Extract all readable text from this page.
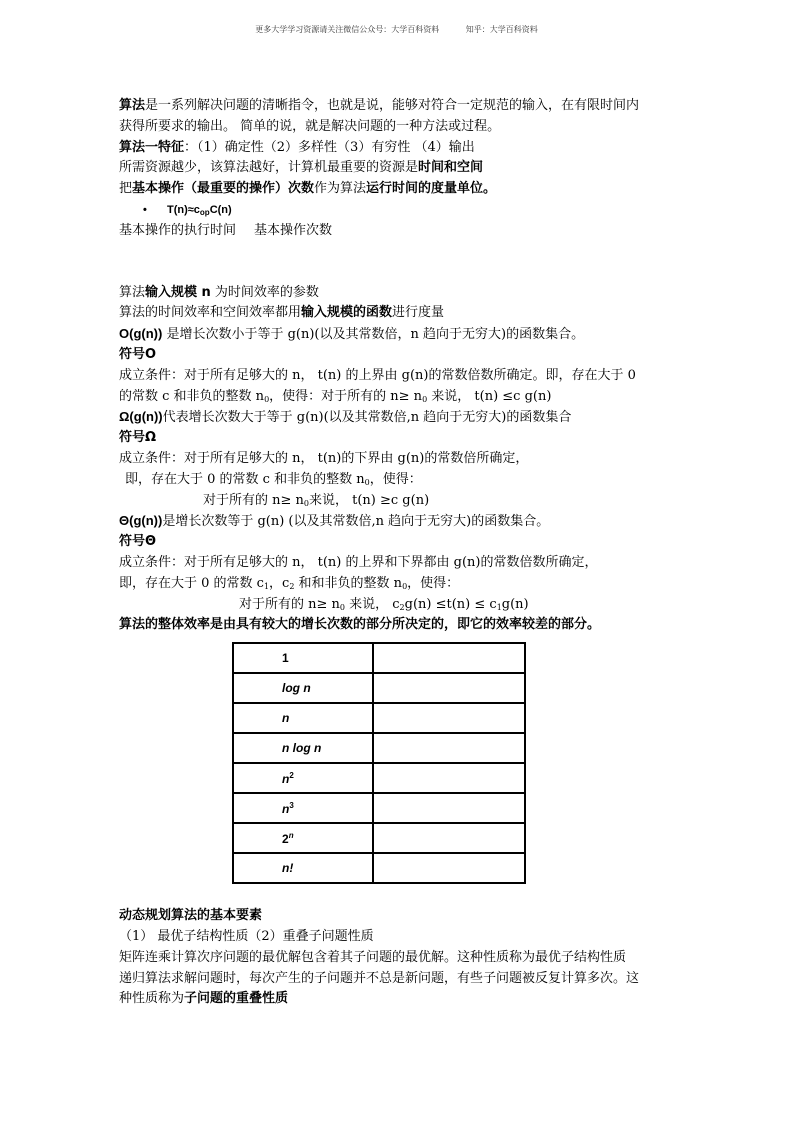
更多大学学习资源请关注微信公众号：大学百科资料	知乎：大学百科资料
算法是一系列解决问题的清晰指令，也就是说，能够对符合一定规范的输入，在有限时间内
获得所要求的输出。 简单的说，就是解决问题的一种方法或过程。
算法一特征：（1）确定性（2）多样性（3）有穷性 （4）输出
所需资源越少，该算法越好，计算机最重要的资源是时间和空间
把基本操作（最重要的操作）次数作为算法运行时间的度量单位。
• $T(n)\approx c_{op}C(n)$
基本操作的执行时间 基本操作次数
算法输入规模 n 为时间效率的参数
算法的时间效率和空间效率都用输入规模的函数进行度量
O(g(n)) 是增长次数小于等于 g(n)(以及其常数倍，n 趋向于无穷大)的函数集合。
符号O
成立条件：对于所有足够大的 n， t(n) 的上界由 g(n)的常数倍数所确定。即，存在大于 0
的常数 c 和非负的整数 $n_0$，使得：对于所有的 $n\ge n_0$ 来说， t(n) ≤c g(n)
Ω(g(n))代表增长次数大于等于 g(n)(以及其常数倍,n 趋向于无穷大)的函数集合
符号Ω
成立条件：对于所有足够大的 n， t(n)的下界由 g(n)的常数倍所确定，
即，存在大于 0 的常数 c 和非负的整数 $n_0$，使得：
对于所有的 $n\ge n_0$来说， t(n) ≥c g(n)
Θ(g(n))是增长次数等于 g(n) (以及其常数倍,n 趋向于无穷大)的函数集合。
符号Θ
成立条件：对于所有足够大的 n， t(n) 的上界和下界都由 g(n)的常数倍数所确定，
即，存在大于 0 的常数 $c_1$，$c_2$ 和和非负的整数 $n_0$，使得：
对于所有的 $n\ge n_0$ 来说， $c_2g(n) \le t(n) \le c_1g(n)$
算法的整体效率是由具有较大的增长次数的部分所决定的，即它的效率较差的部分。
1	
log n	
n	
n log n	
$n^2$	
$n^3$	
2$^n$	
n!	
动态规划算法的基本要素
（1） 最优子结构性质（2）重叠子问题性质
矩阵连乘计算次序问题的最优解包含着其子问题的最优解。这种性质称为最优子结构性质
递归算法求解问题时，每次产生的子问题并不总是新问题，有些子问题被反复计算多次。这
种性质称为子问题的重叠性质
